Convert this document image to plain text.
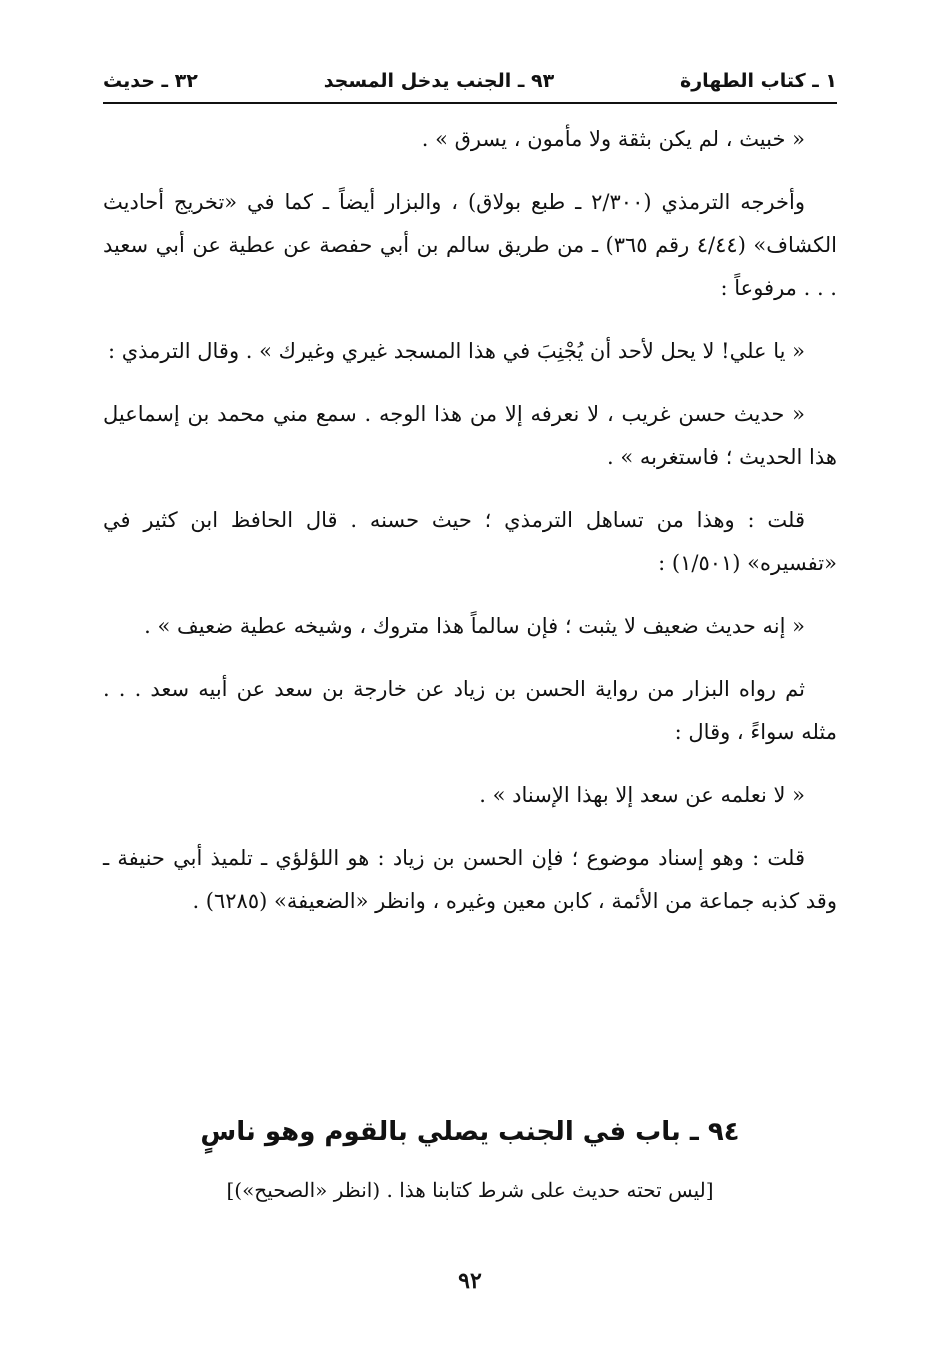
١ ـ كتاب الطهارة
٩٣ ـ الجنب يدخل المسجد
٣٢ ـ حديث

« خبيث ، لم يكن بثقة ولا مأمون ، يسرق » .

وأخرجه الترمذي (٢/٣٠٠ ـ طبع بولاق) ، والبزار أيضاً ـ كما في «تخريج أحاديث الكشاف» (٤/٤٤ رقم ٣٦٥) ـ من طريق سالم بن أبي حفصة عن عطية عن أبي سعيد . . . مرفوعاً :

« يا علي! لا يحل لأحد أن يُجْنِبَ في هذا المسجد غيري وغيرك » . وقال الترمذي :

« حديث حسن غريب ، لا نعرفه إلا من هذا الوجه . سمع مني محمد بن إسماعيل هذا الحديث ؛ فاستغربه » .

قلت : وهذا من تساهل الترمذي ؛ حيث حسنه . قال الحافظ ابن كثير في «تفسيره» (١/٥٠١) :

« إنه حديث ضعيف لا يثبت ؛ فإن سالماً هذا متروك ، وشيخه عطية ضعيف » .

ثم رواه البزار من رواية الحسن بن زياد عن خارجة بن سعد عن أبيه سعد . . . مثله سواءً ، وقال :

« لا نعلمه عن سعد إلا بهذا الإسناد » .

قلت : وهو إسناد موضوع ؛ فإن الحسن بن زياد : هو اللؤلؤي ـ تلميذ أبي حنيفة ـ وقد كذبه جماعة من الأئمة ، كابن معين وغيره ، وانظر «الضعيفة» (٦٢٨٥) .

٩٤ ـ باب في الجنب يصلي بالقوم وهو ناسٍ
[ليس تحته حديث على شرط كتابنا هذا . (انظر «الصحيح»)]
٩٢
